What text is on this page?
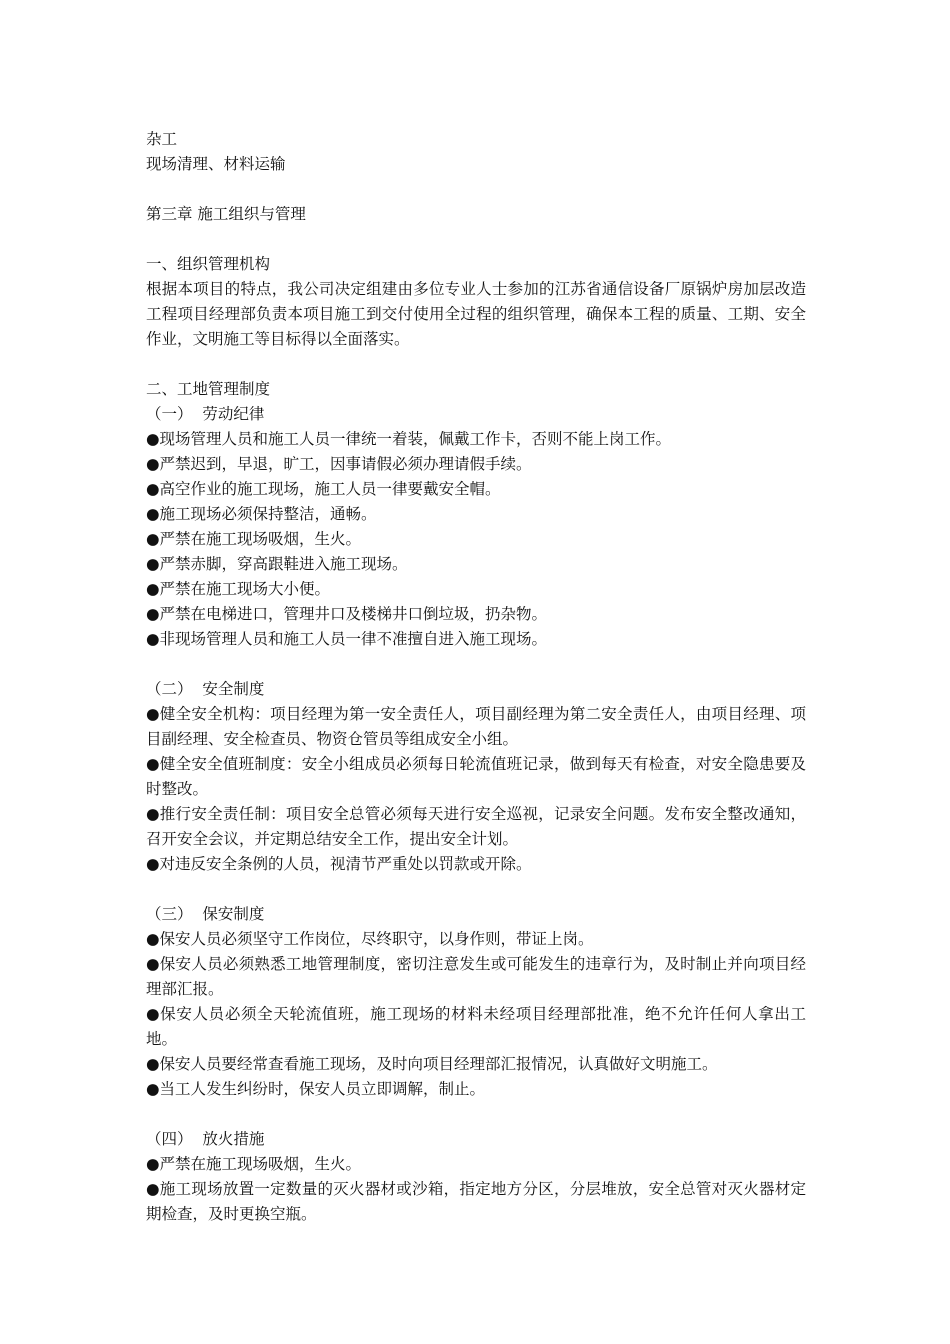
杂工
现场清理、材料运输
第三章 施工组织与管理
一、组织管理机构
根据本项目的特点，我公司决定组建由多位专业人士参加的江苏省通信设备厂原锅炉房加层改造工程项目经理部负责本项目施工到交付使用全过程的组织管理，确保本工程的质量、工期、安全作业，文明施工等目标得以全面落实。
二、工地管理制度
（一）  劳动纪律
●现场管理人员和施工人员一律统一着装，佩戴工作卡，否则不能上岗工作。
●严禁迟到，早退，旷工，因事请假必须办理请假手续。
●高空作业的施工现场，施工人员一律要戴安全帽。
●施工现场必须保持整洁，通畅。
●严禁在施工现场吸烟，生火。
●严禁赤脚，穿高跟鞋进入施工现场。
●严禁在施工现场大小便。
●严禁在电梯进口，管理井口及楼梯井口倒垃圾，扔杂物。
●非现场管理人员和施工人员一律不准擅自进入施工现场。
（二）  安全制度
●健全安全机构：项目经理为第一安全责任人，项目副经理为第二安全责任人，由项目经理、项目副经理、安全检查员、物资仓管员等组成安全小组。
●健全安全值班制度：安全小组成员必须每日轮流值班记录，做到每天有检查，对安全隐患要及时整改。
●推行安全责任制：项目安全总管必须每天进行安全巡视，记录安全问题。发布安全整改通知，召开安全会议，并定期总结安全工作，提出安全计划。
●对违反安全条例的人员，视清节严重处以罚款或开除。
（三）  保安制度
●保安人员必须坚守工作岗位，尽终职守，以身作则，带证上岗。
●保安人员必须熟悉工地管理制度，密切注意发生或可能发生的违章行为，及时制止并向项目经理部汇报。
●保安人员必须全天轮流值班，施工现场的材料未经项目经理部批准，绝不允许任何人拿出工地。
●保安人员要经常查看施工现场，及时向项目经理部汇报情况，认真做好文明施工。
●当工人发生纠纷时，保安人员立即调解，制止。
（四）  放火措施
●严禁在施工现场吸烟，生火。
●施工现场放置一定数量的灭火器材或沙箱，指定地方分区，分层堆放，安全总管对灭火器材定期检查，及时更换空瓶。
